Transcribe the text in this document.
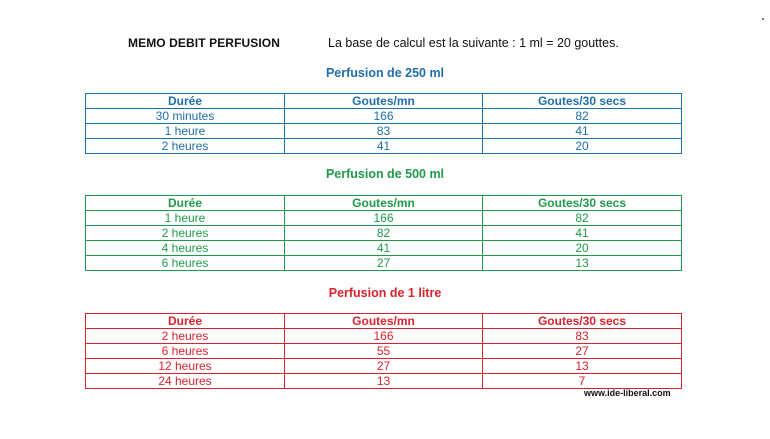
MEMO DEBIT PERFUSION	La base de calcul est la suivante : 1 ml = 20 gouttes.
Perfusion de 250 ml
Durée	Goutes/mn	Goutes/30 secs
30 minutes	166	82
1 heure	83	41
2 heures	41	20
Perfusion de 500 ml
Durée	Goutes/mn	Goutes/30 secs
1 heure	166	82
2 heures	82	41
4 heures	41	20
6 heures	27	13
Perfusion de 1 litre
Durée	Goutes/mn	Goutes/30 secs
2 heures	166	83
6 heures	55	27
12 heures	27	13
24 heures	13	7
www.ide-liberal.com
